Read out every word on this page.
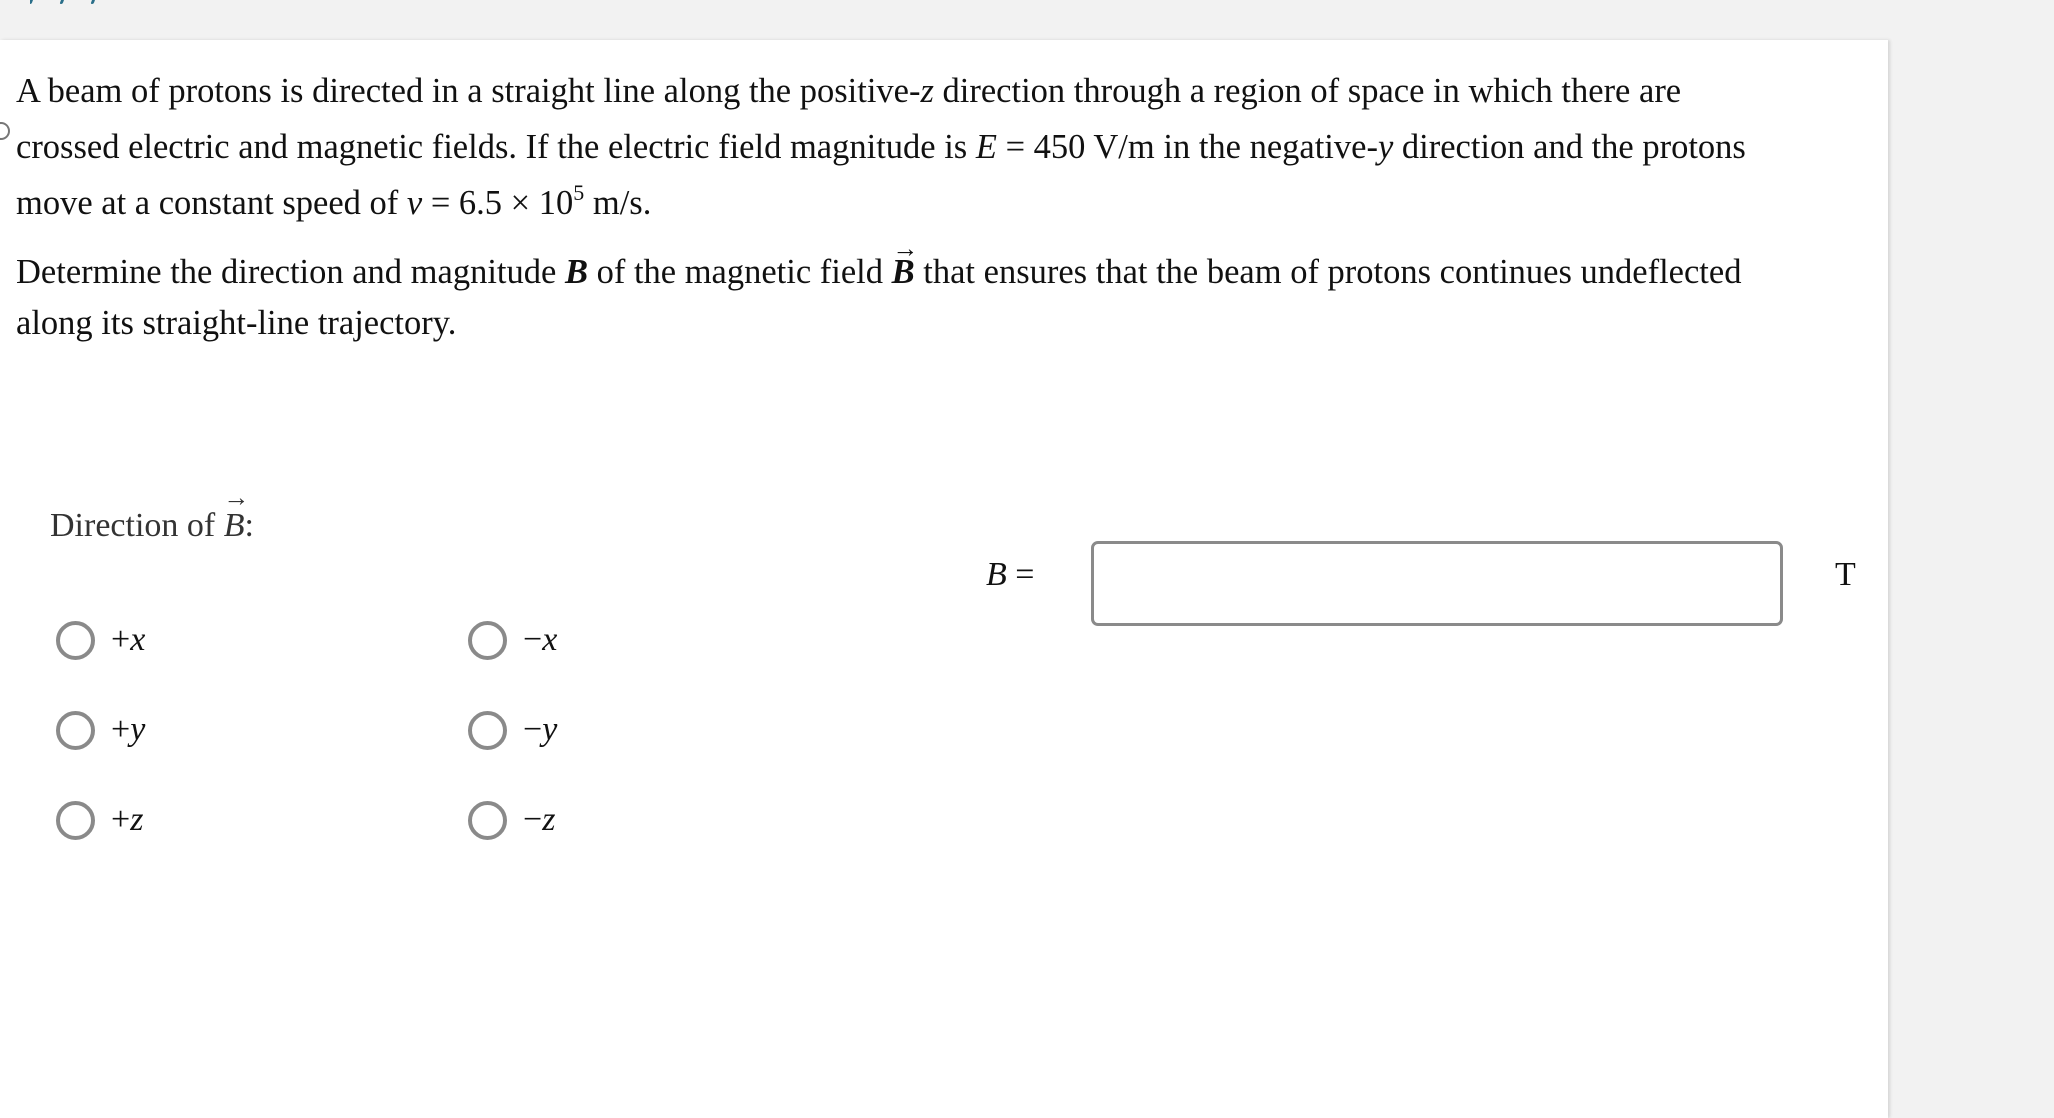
A beam of protons is directed in a straight line along the positive-z direction through a region of space in which there are
crossed electric and magnetic fields. If the electric field magnitude is E = 450 V/m in the negative-y direction and the protons
move at a constant speed of $v = 6.5 \times 10^5$ m/s.

Determine the direction and magnitude B of the magnetic field → B that ensures that the beam of protons continues undeflected
along its straight-line trajectory.

Direction of → B:
+x	−x
+y	−y
+z	−z
B =	T
